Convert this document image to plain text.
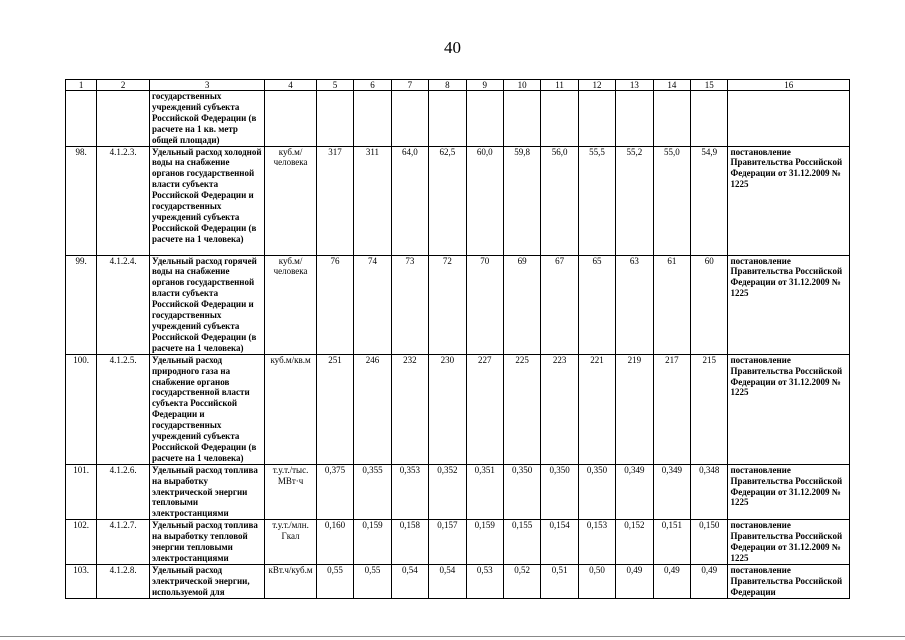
40
1	2	3	4	5	6	7	8	9	10	11	12	13	14	15	16
		государственных учреждений субъекта Российской Федерации (в расчете на 1 кв. метр общей площади)													
98.	4.1.2.3.	Удельный расход холодной воды на снабжение органов государственной власти субъекта Российской Федерации и государственных учреждений субъекта Российской Федерации (в расчете на 1 человека)	куб.м/ человека	317	311	64,0	62,5	60,0	59,8	56,0	55,5	55,2	55,0	54,9	постановление Правительства Российской Федерации от 31.12.2009 № 1225
99.	4.1.2.4.	Удельный расход горячей воды на снабжение органов государственной власти субъекта Российской Федерации и государственных учреждений субъекта Российской Федерации (в расчете на 1 человека)	куб.м/ человека	76	74	73	72	70	69	67	65	63	61	60	постановление Правительства Российской Федерации от 31.12.2009 № 1225
100.	4.1.2.5.	Удельный расход природного газа на снабжение органов государственной власти субъекта Российской Федерации и государственных учреждений субъекта Российской Федерации (в расчете на 1 человека)	куб.м/кв.м	251	246	232	230	227	225	223	221	219	217	215	постановление Правительства Российской Федерации от 31.12.2009 № 1225
101.	4.1.2.6.	Удельный расход топлива на выработку электрической энергии тепловыми электростанциями	т.у.т./тыс. МВт·ч	0,375	0,355	0,353	0,352	0,351	0,350	0,350	0,350	0,349	0,349	0,348	постановление Правительства Российской Федерации от 31.12.2009 № 1225
102.	4.1.2.7.	Удельный расход топлива на выработку тепловой энергии тепловыми электростанциями	т.у.т./млн. Гкал	0,160	0,159	0,158	0,157	0,159	0,155	0,154	0,153	0,152	0,151	0,150	постановление Правительства Российской Федерации от 31.12.2009 № 1225
103.	4.1.2.8.	Удельный расход электрической энергии, используемой для	кВт.ч/куб.м	0,55	0,55	0,54	0,54	0,53	0,52	0,51	0,50	0,49	0,49	0,49	постановление Правительства Российской Федерации
